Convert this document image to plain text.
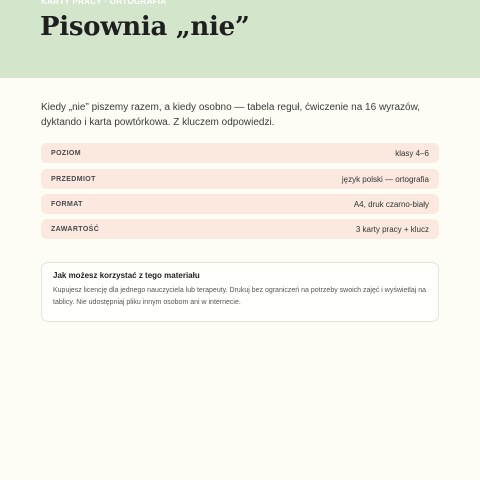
KARTY PRACY · ORTOGRAFIA
Pisownia „nie”

Kiedy „nie” piszemy razem, a kiedy osobno — tabela reguł, ćwiczenie na 16 wyrazów, dyktando i karta powtórkowa. Z kluczem odpowiedzi.

POZIOM	klasy 4–6
PRZEDMIOT	język polski — ortografia
FORMAT	A4, druk czarno-biały
ZAWARTOŚĆ	3 karty pracy + klucz
Jak możesz korzystać z tego materiału

Kupujesz licencję dla jednego nauczyciela lub terapeuty. Drukuj bez ograniczeń na potrzeby swoich zajęć i wyświetlaj na tablicy. Nie udostępniaj pliku innym osobom ani w internecie.
